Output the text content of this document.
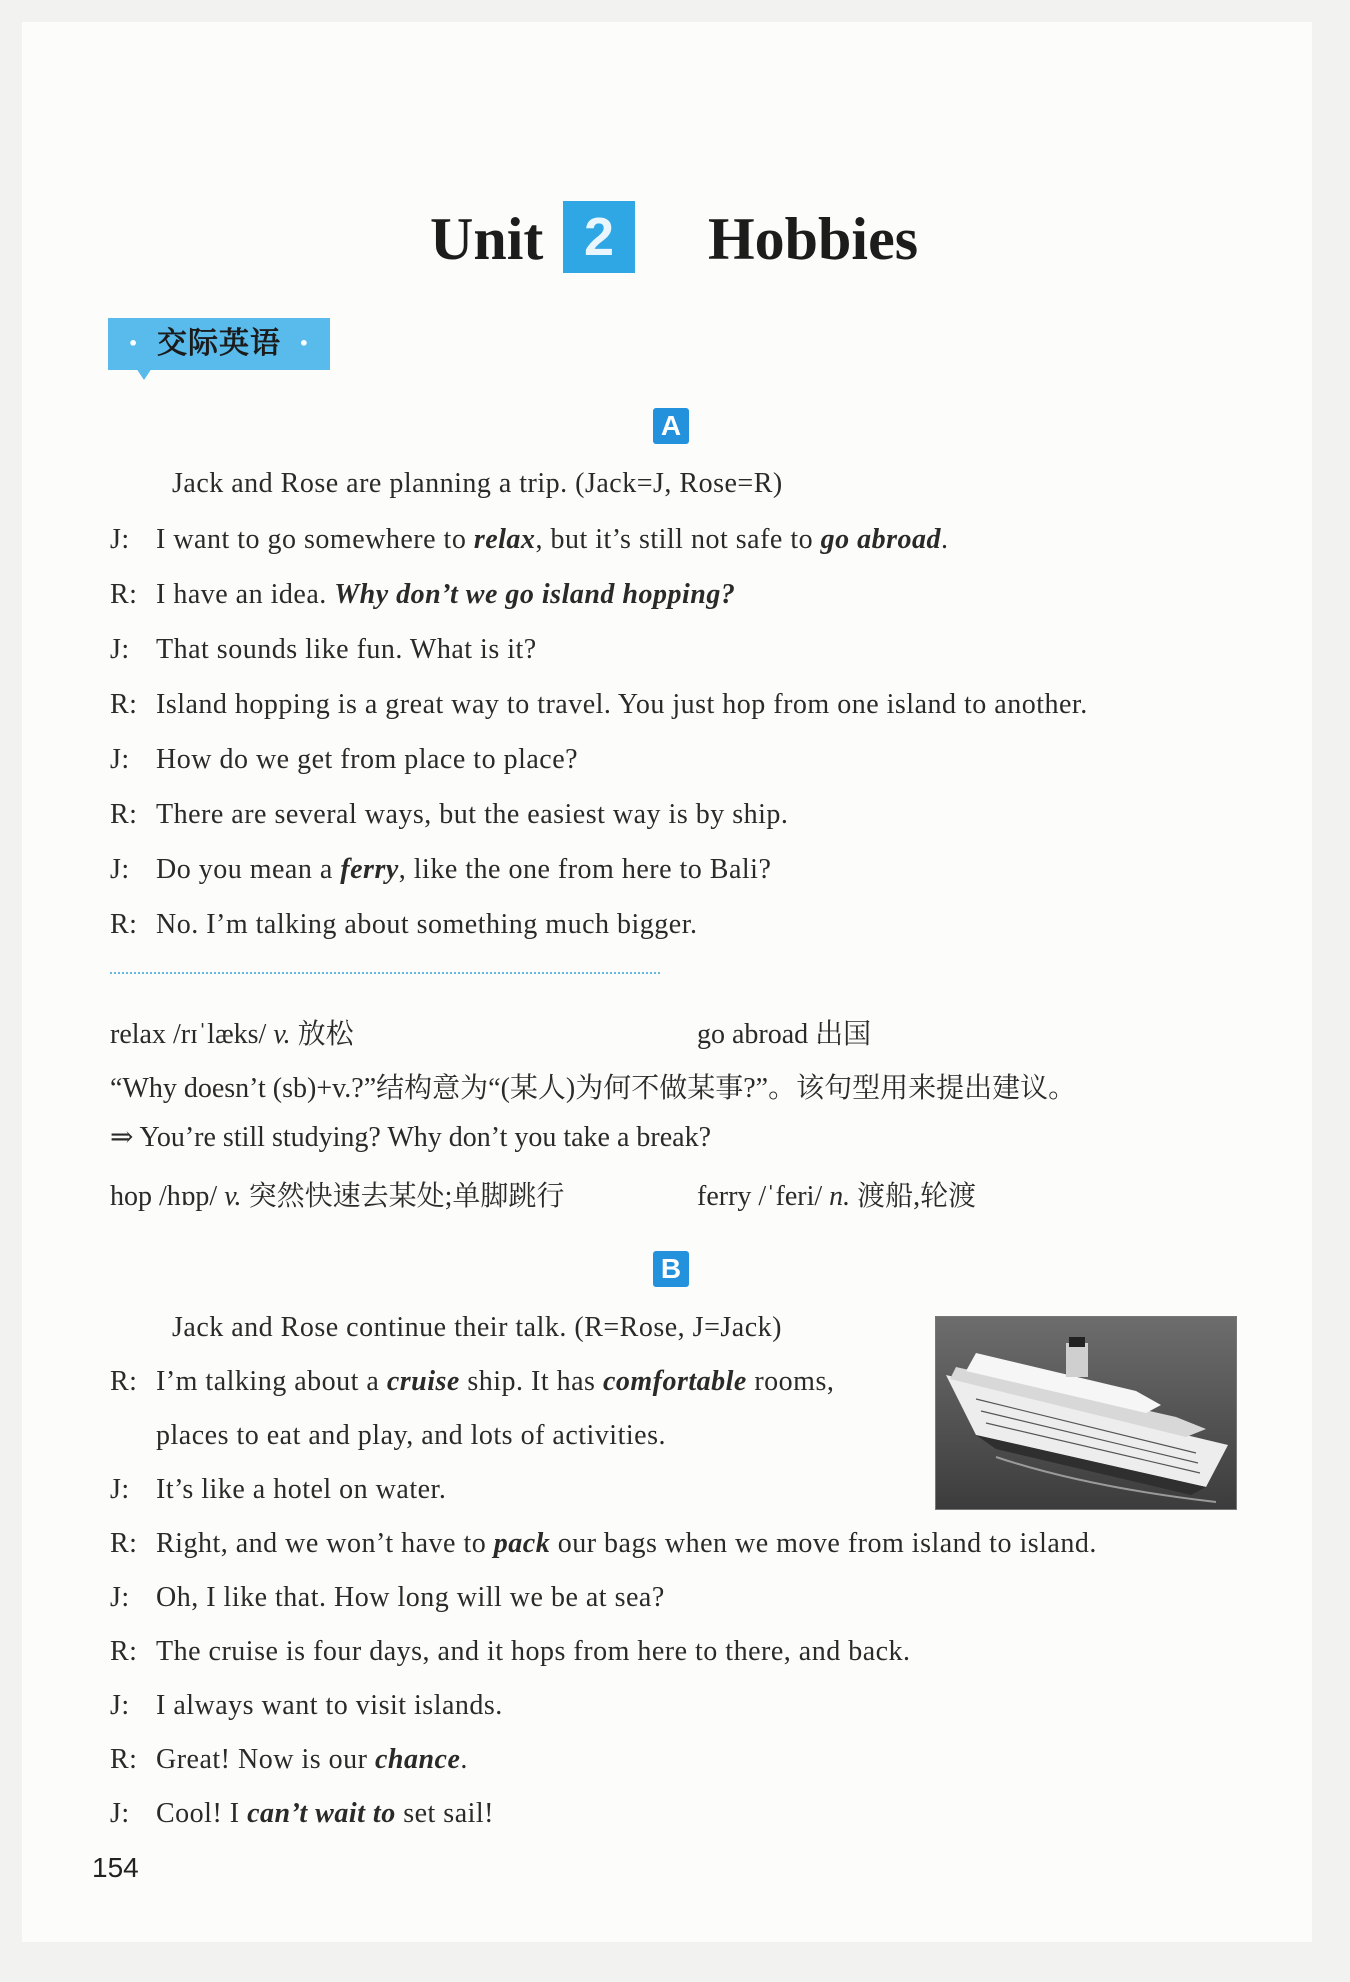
Unit 2	Hobbies
• 交际英语
•
A
Jack and Rose are planning a trip. (Jack=J, Rose=R)
J: I want to go somewhere to relax, but it’s still not safe to go abroad.
R: I have an idea. Why don’t we go island hopping?
J: That sounds like fun. What is it?
R: Island hopping is a great way to travel. You just hop from one island to another.
J: How do we get from place to place?
R: There are several ways, but the easiest way is by ship.
J: Do you mean a ferry, like the one from here to Bali?
R: No. I’m talking about something much bigger.
relax /rɪˈlæks/ v. 放松	go abroad 出国
“Why doesn’t (sb)+v.?”结构意为“(某人)为何不做某事?”。该句型用来提出建议。
⇒ You’re still studying? Why don’t you take a break?
hop /hɒp/ v. 突然快速去某处;单脚跳行	ferry /ˈferi/ n. 渡船,轮渡
B
Jack and Rose continue their talk. (R=Rose, J=Jack)
R: I’m talking about a cruise ship. It has comfortable rooms,
places to eat and play, and lots of activities.
J: It’s like a hotel on water.
R: Right, and we won’t have to pack our bags when we move from island to island.
J: Oh, I like that. How long will we be at sea?
R: The cruise is four days, and it hops from here to there, and back.
J: I always want to visit islands.
R: Great! Now is our chance.
J: Cool! I can’t wait to set sail!
154
